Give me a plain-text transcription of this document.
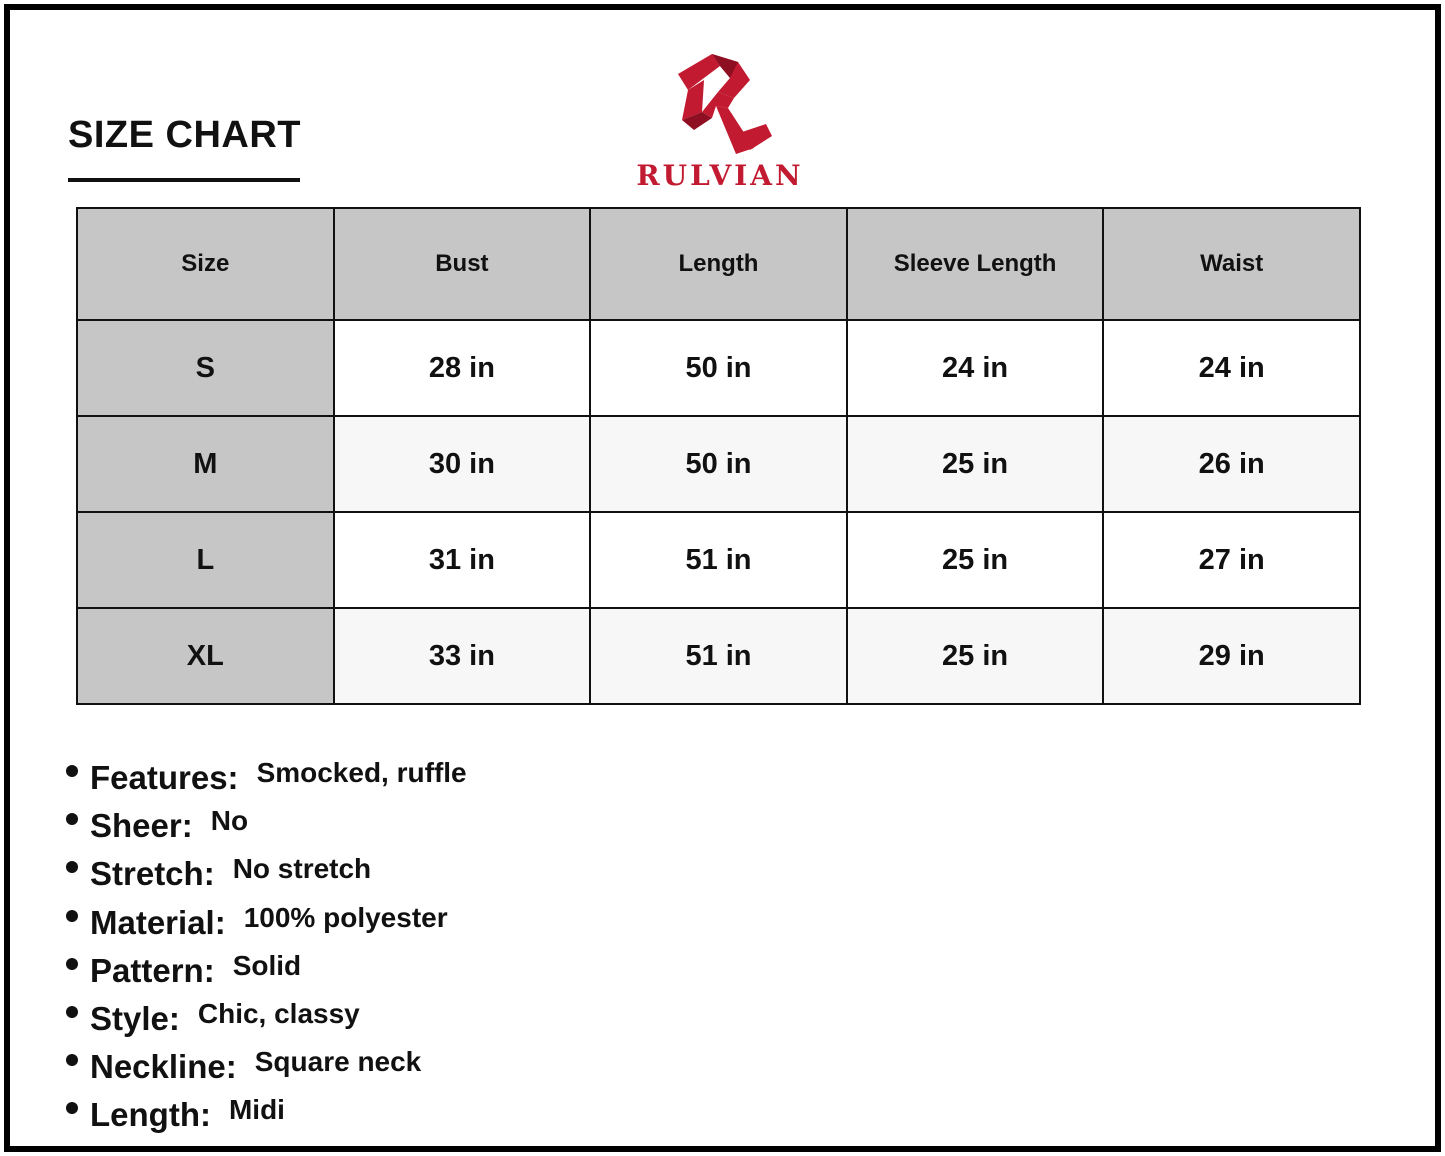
SIZE CHART
RULVIAN
Size	Bust	Length	Sleeve Length	Waist
S	28 in	50 in	24 in	24 in
M	30 in	50 in	25 in	26 in
L	31 in	51 in	25 in	27 in
XL	33 in	51 in	25 in	29 in
Features: Smocked, ruffle
Sheer: No
Stretch: No stretch
Material: 100% polyester
Pattern: Solid
Style: Chic, classy
Neckline: Square neck
Length: Midi
